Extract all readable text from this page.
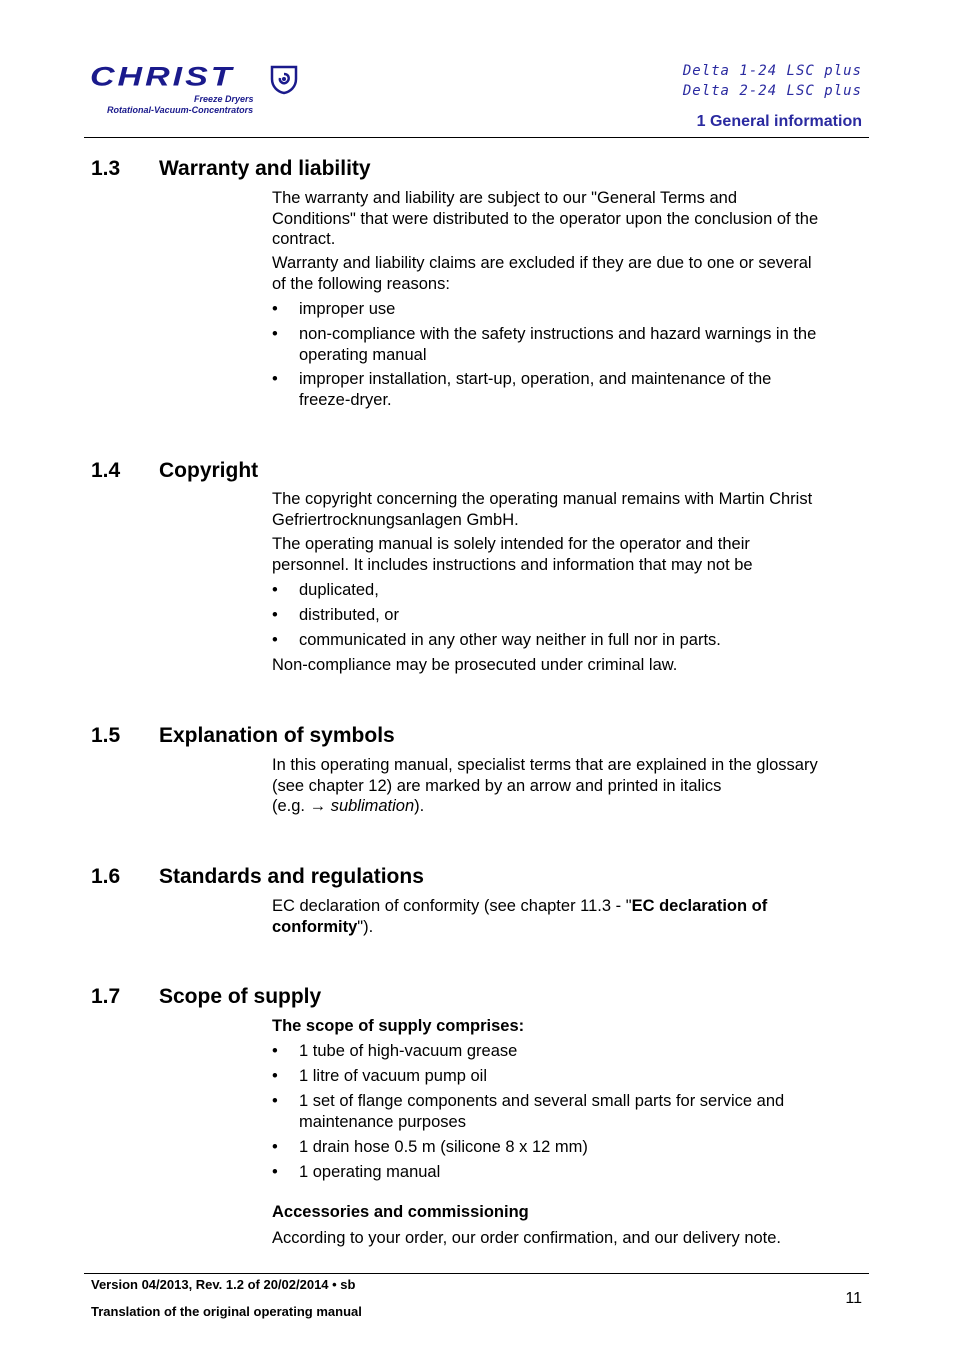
CHRIST
Freeze Dryers
Rotational-Vacuum-Concentrators
Delta 1-24 LSC plus
Delta 2-24 LSC plus
1 General information
1.3 Warranty and liability
The warranty and liability are subject to our "General Terms and
Conditions" that were distributed to the operator upon the conclusion of the
contract.
Warranty and liability claims are excluded if they are due to one or several
of the following reasons:
• improper use
• non-compliance with the safety instructions and hazard warnings in the
operating manual
• improper installation, start-up, operation, and maintenance of the
freeze-dryer.
1.4 Copyright
The copyright concerning the operating manual remains with Martin Christ
Gefriertrocknungsanlagen GmbH.
The operating manual is solely intended for the operator and their
personnel. It includes instructions and information that may not be
• duplicated,
• distributed, or
• communicated in any other way neither in full nor in parts.
Non-compliance may be prosecuted under criminal law.
1.5 Explanation of symbols
In this operating manual, specialist terms that are explained in the glossary
(see chapter 12) are marked by an arrow and printed in italics
(e.g. → sublimation).
1.6 Standards and regulations
EC declaration of conformity (see chapter 11.3 - "EC declaration of
conformity").
1.7 Scope of supply
The scope of supply comprises:
• 1 tube of high-vacuum grease
• 1 litre of vacuum pump oil
• 1 set of flange components and several small parts for service and
maintenance purposes
• 1 drain hose 0.5 m (silicone 8 x 12 mm)
• 1 operating manual
Accessories and commissioning
According to your order, our order confirmation, and our delivery note.
Version 04/2013, Rev. 1.2 of 20/02/2014 • sb
Translation of the original operating manual
11
